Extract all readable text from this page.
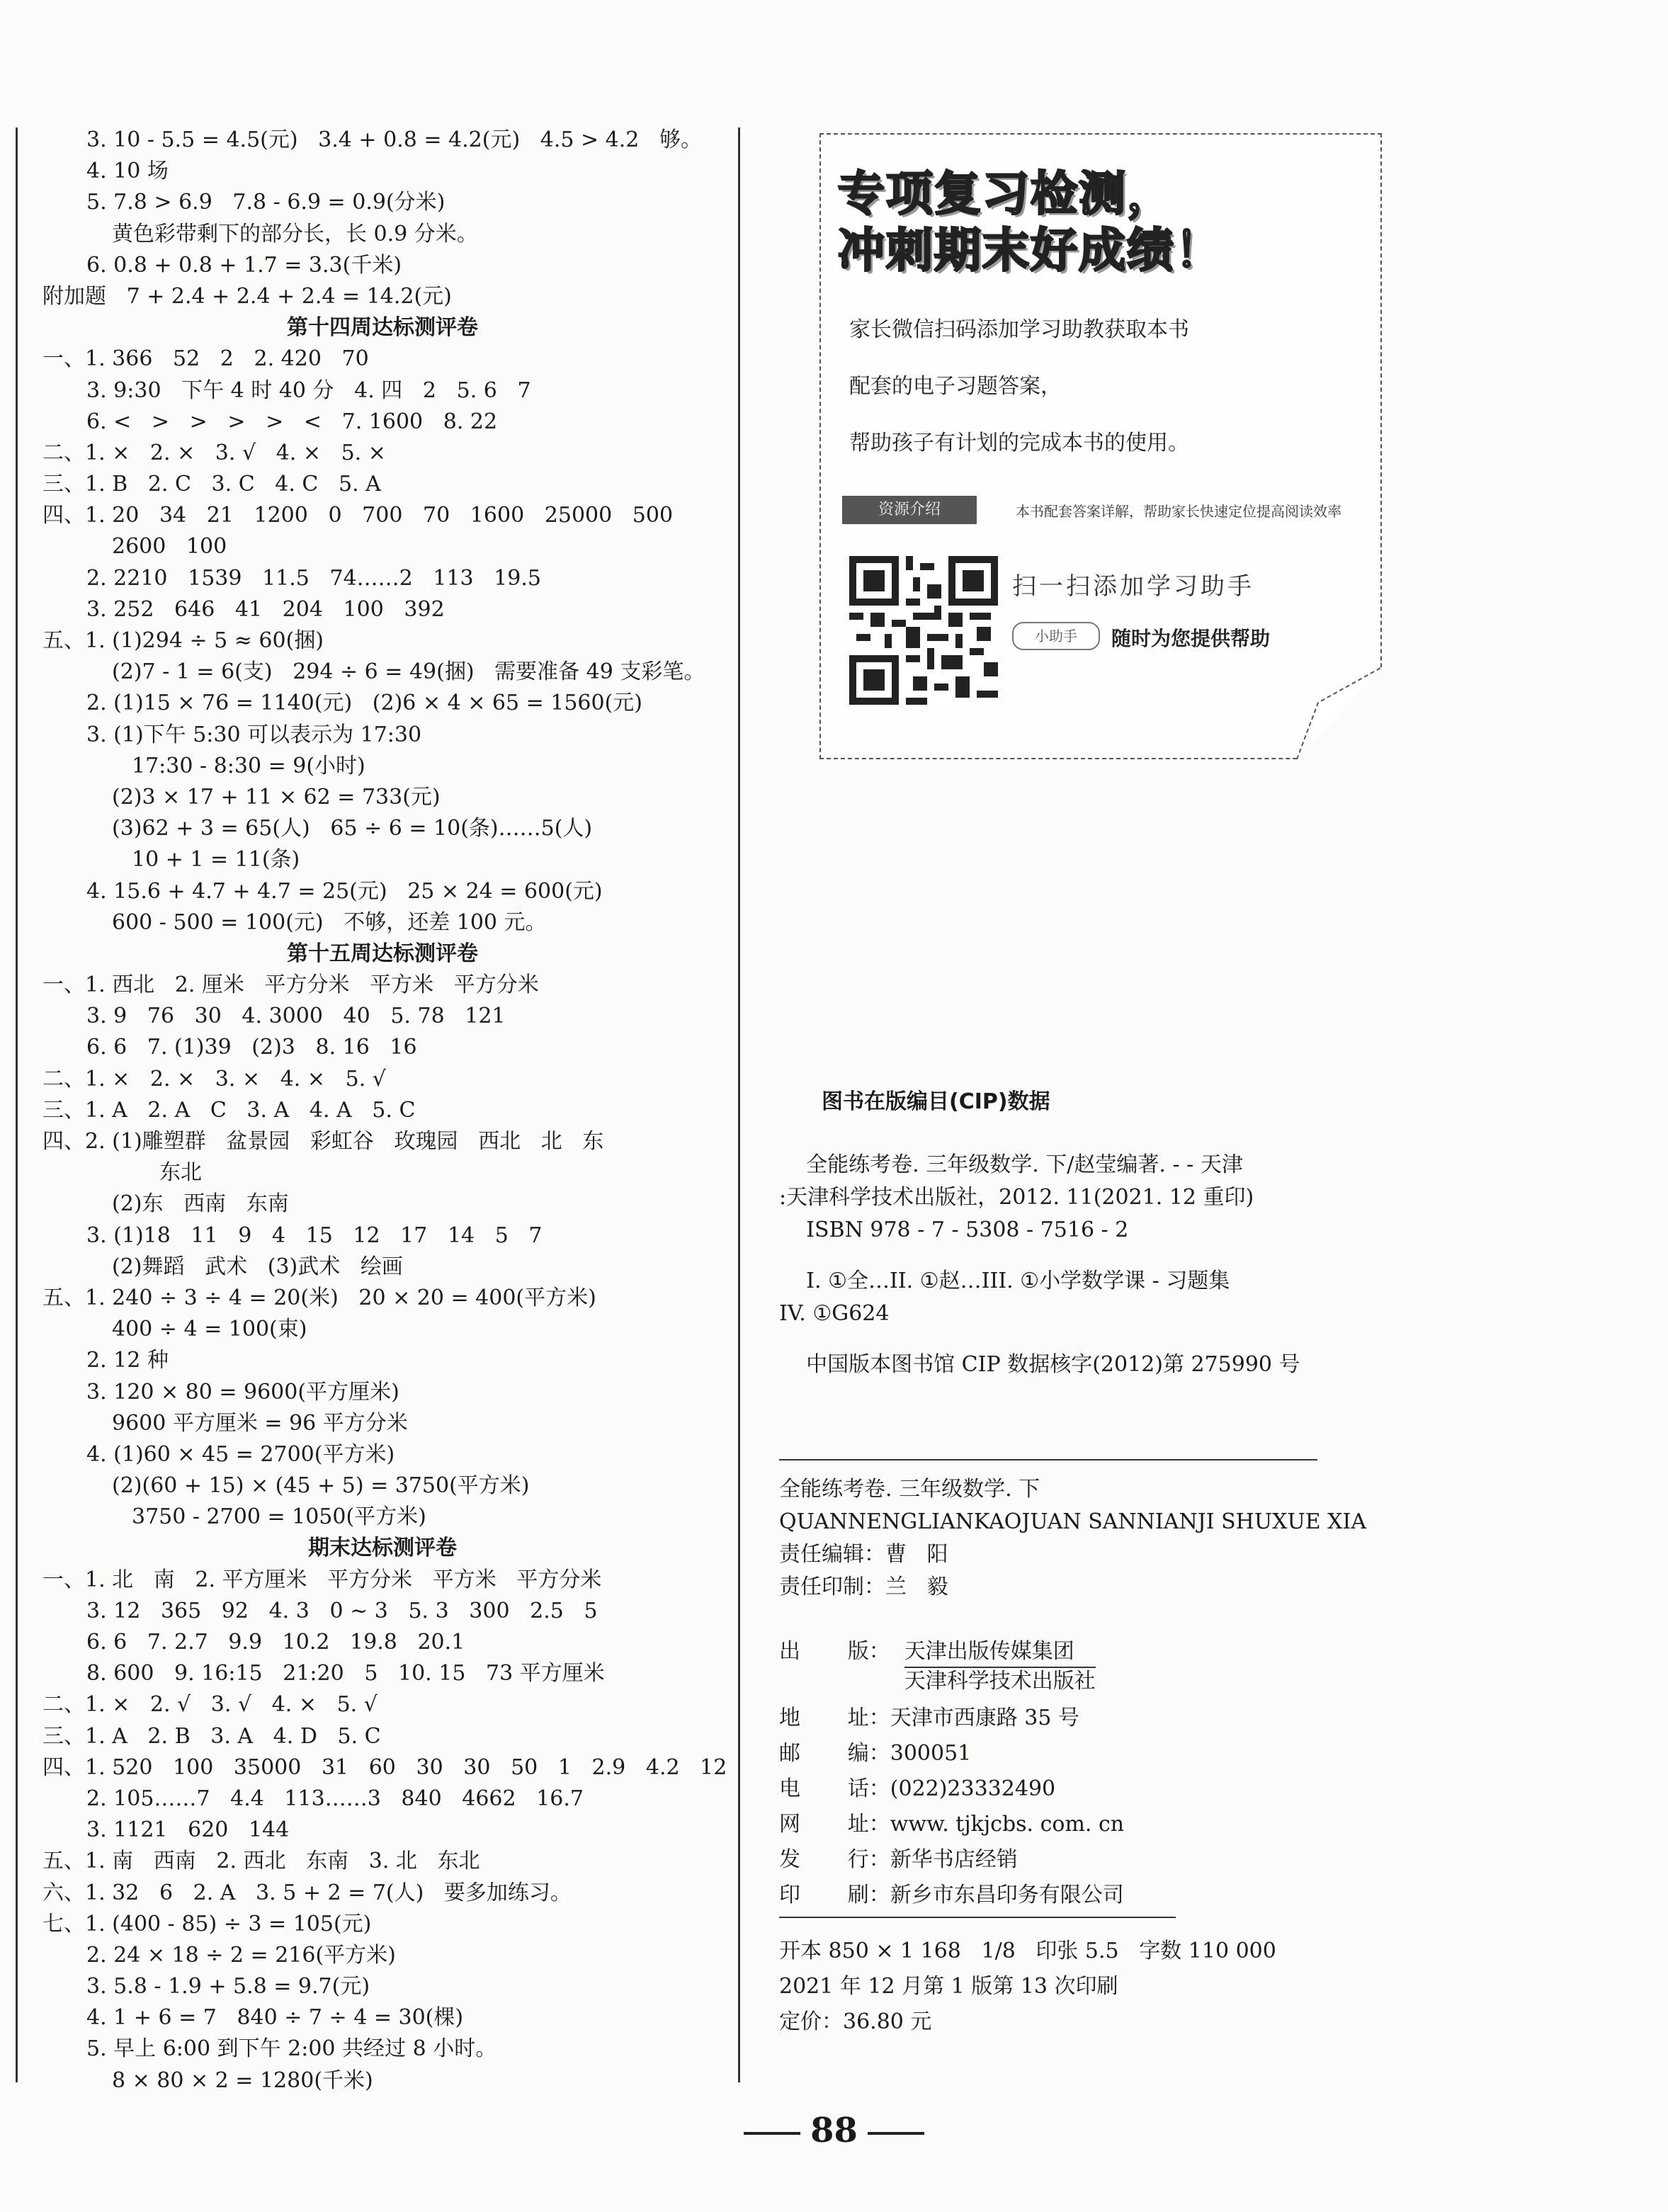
3. 10 - 5.5 = 4.5(元)   3.4 + 0.8 = 4.2(元)   4.5 > 4.2   够。
4. 10 场
5. 7.8 > 6.9   7.8 - 6.9 = 0.9(分米)
黄色彩带剩下的部分长，长 0.9 分米。
6. 0.8 + 0.8 + 1.7 = 3.3(千米)
附加题   7 + 2.4 + 2.4 + 2.4 = 14.2(元)
第十四周达标测评卷
一、1. 366   52   2   2. 420   70
3. 9:30   下午 4 时 40 分   4. 四   2   5. 6   7
6. <   >   >   >   >   <   7. 1600   8. 22
二、1. ×   2. ×   3. √   4. ×   5. ×
三、1. B   2. C   3. C   4. C   5. A
四、1. 20   34   21   1200   0   700   70   1600   25000   500
2600   100
2. 2210   1539   11.5   74……2   113   19.5
3. 252   646   41   204   100   392
五、1. (1)294 ÷ 5 ≈ 60(捆)
(2)7 - 1 = 6(支)   294 ÷ 6 = 49(捆)   需要准备 49 支彩笔。
2. (1)15 × 76 = 1140(元)   (2)6 × 4 × 65 = 1560(元)
3. (1)下午 5:30 可以表示为 17:30
17:30 - 8:30 = 9(小时)
(2)3 × 17 + 11 × 62 = 733(元)
(3)62 + 3 = 65(人)   65 ÷ 6 = 10(条)……5(人)
10 + 1 = 11(条)
4. 15.6 + 4.7 + 4.7 = 25(元)   25 × 24 = 600(元)
600 - 500 = 100(元)   不够，还差 100 元。
第十五周达标测评卷
一、1. 西北   2. 厘米   平方分米   平方米   平方分米
3. 9   76   30   4. 3000   40   5. 78   121
6. 6   7. (1)39   (2)3   8. 16   16
二、1. ×   2. ×   3. ×   4. ×   5. √
三、1. A   2. A   C   3. A   4. A   5. C
四、2. (1)雕塑群   盆景园   彩虹谷   玫瑰园   西北   北   东
东北
(2)东   西南   东南
3. (1)18   11   9   4   15   12   17   14   5   7
(2)舞蹈   武术   (3)武术   绘画
五、1. 240 ÷ 3 ÷ 4 = 20(米)   20 × 20 = 400(平方米)
400 ÷ 4 = 100(束)
2. 12 种
3. 120 × 80 = 9600(平方厘米)
9600 平方厘米 = 96 平方分米
4. (1)60 × 45 = 2700(平方米)
(2)(60 + 15) × (45 + 5) = 3750(平方米)
3750 - 2700 = 1050(平方米)
期末达标测评卷
一、1. 北   南   2. 平方厘米   平方分米   平方米   平方分米
3. 12   365   92   4. 3   0 ~ 3   5. 3   300   2.5   5
6. 6   7. 2.7   9.9   10.2   19.8   20.1
8. 600   9. 16:15   21:20   5   10. 15   73 平方厘米
二、1. ×   2. √   3. √   4. ×   5. √
三、1. A   2. B   3. A   4. D   5. C
四、1. 520   100   35000   31   60   30   30   50   1   2.9   4.2   12
2. 105……7   4.4   113……3   840   4662   16.7
3. 1121   620   144
五、1. 南   西南   2. 西北   东南   3. 北   东北
六、1. 32   6   2. A   3. 5 + 2 = 7(人)   要多加练习。
七、1. (400 - 85) ÷ 3 = 105(元)
2. 24 × 18 ÷ 2 = 216(平方米)
3. 5.8 - 1.9 + 5.8 = 9.7(元)
4. 1 + 6 = 7   840 ÷ 7 ÷ 4 = 30(棵)
5. 早上 6:00 到下午 2:00 共经过 8 小时。
8 × 80 × 2 = 1280(千米)
专项复习检测，
冲刺期末好成绩！
家长微信扫码添加学习助教获取本书
配套的电子习题答案，
帮助孩子有计划的完成本书的使用。
资源介绍	本书配套答案详解，帮助家长快速定位提高阅读效率
扫一扫添加学习助手
小助手	随时为您提供帮助
图书在版编目(CIP)数据
全能练考卷. 三年级数学. 下/赵莹编著. - - 天津
:天津科学技术出版社，2012. 11(2021. 12 重印)
ISBN 978 - 7 - 5308 - 7516 - 2
I. ①全…II. ①赵…III. ①小学数学课 - 习题集
IV. ①G624
中国版本图书馆 CIP 数据核字(2012)第 275990 号
全能练考卷. 三年级数学. 下
QUANNENGLIANKAOJUAN SANNIANJI SHUXUE XIA
责任编辑：曹   阳
责任印制：兰   毅
出       版： 天津出版传媒集团
天津科学技术出版社
地       址：天津市西康路 35 号
邮       编：300051
电       话：(022)23332490
网       址：www. tjkjcbs. com. cn
发       行：新华书店经销
印       刷：新乡市东昌印务有限公司
开本 850 × 1 168   1/8   印张 5.5   字数 110 000
2021 年 12 月第 1 版第 13 次印刷
定价：36.80 元
88
